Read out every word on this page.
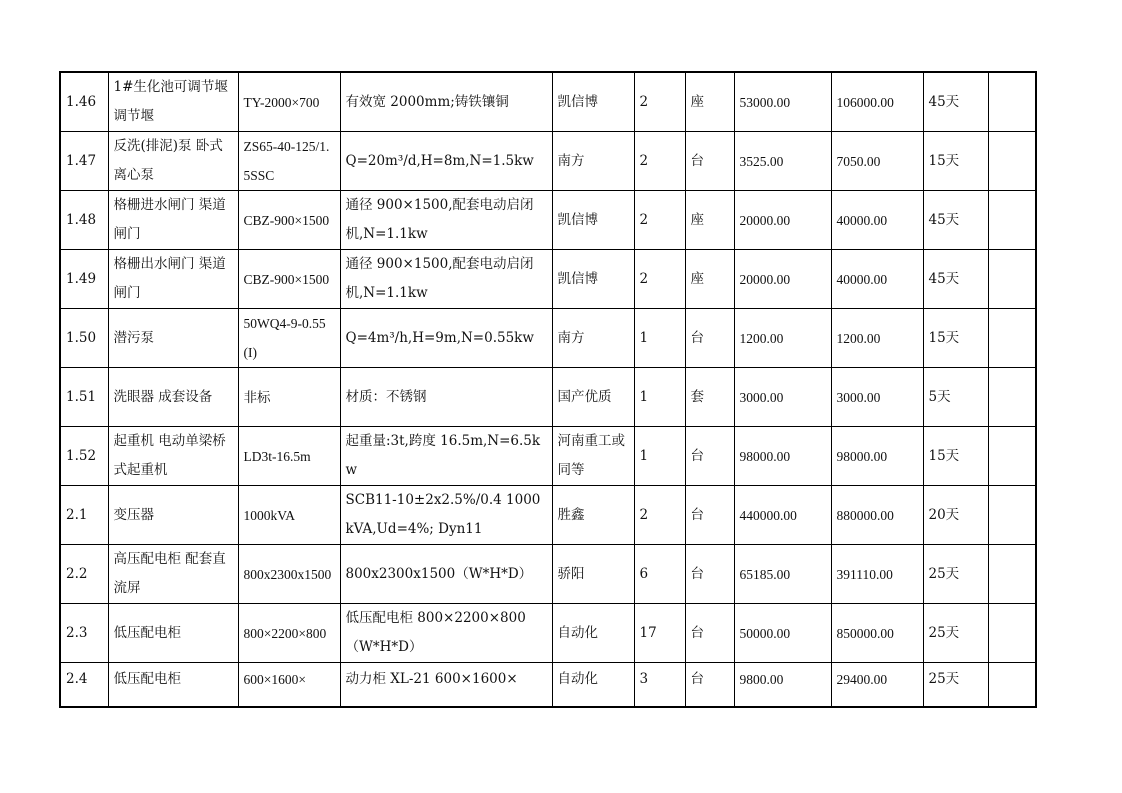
1.46	1#生化池可调节堰 调节堰	TY-2000×700	有效宽 2000mm;铸铁镶铜	凯信博	2	座	53000.00	106000.00	45天	
1.47	反洗(排泥)泵 卧式离心泵	ZS65-40-125/1.5SSC	Q=20m³/d,H=8m,N=1.5kw	南方	2	台	3525.00	7050.00	15天	
1.48	格栅进水闸门 渠道闸门	CBZ-900×1500	通径 900×1500,配套电动启闭机,N=1.1kw	凯信博	2	座	20000.00	40000.00	45天	
1.49	格栅出水闸门 渠道闸门	CBZ-900×1500	通径 900×1500,配套电动启闭机,N=1.1kw	凯信博	2	座	20000.00	40000.00	45天	
1.50	潜污泵	50WQ4-9-0.55(I)	Q=4m³/h,H=9m,N=0.55kw	南方	1	台	1200.00	1200.00	15天	
1.51	洗眼器 成套设备	非标	材质：不锈钢	国产优质	1	套	3000.00	3000.00	5天	
1.52	起重机 电动单梁桥式起重机	LD3t-16.5m	起重量:3t,跨度 16.5m,N=6.5kw	河南重工或同等	1	台	98000.00	98000.00	15天	
2.1	变压器	1000kVA	SCB11-10±2x2.5%/0.4 1000kVA,Ud=4%; Dyn11	胜鑫	2	台	440000.00	880000.00	20天	
2.2	高压配电柜 配套直流屏	800x2300x1500	800x2300x1500（W*H*D）	骄阳	6	台	65185.00	391110.00	25天	
2.3	低压配电柜	800×2200×800	低压配电柜 800×2200×800（W*H*D）	自动化	17	台	50000.00	850000.00	25天	
2.4	低压配电柜	600×1600×	动力柜 XL-21 600×1600×	自动化	3	台	9800.00	29400.00	25天	
